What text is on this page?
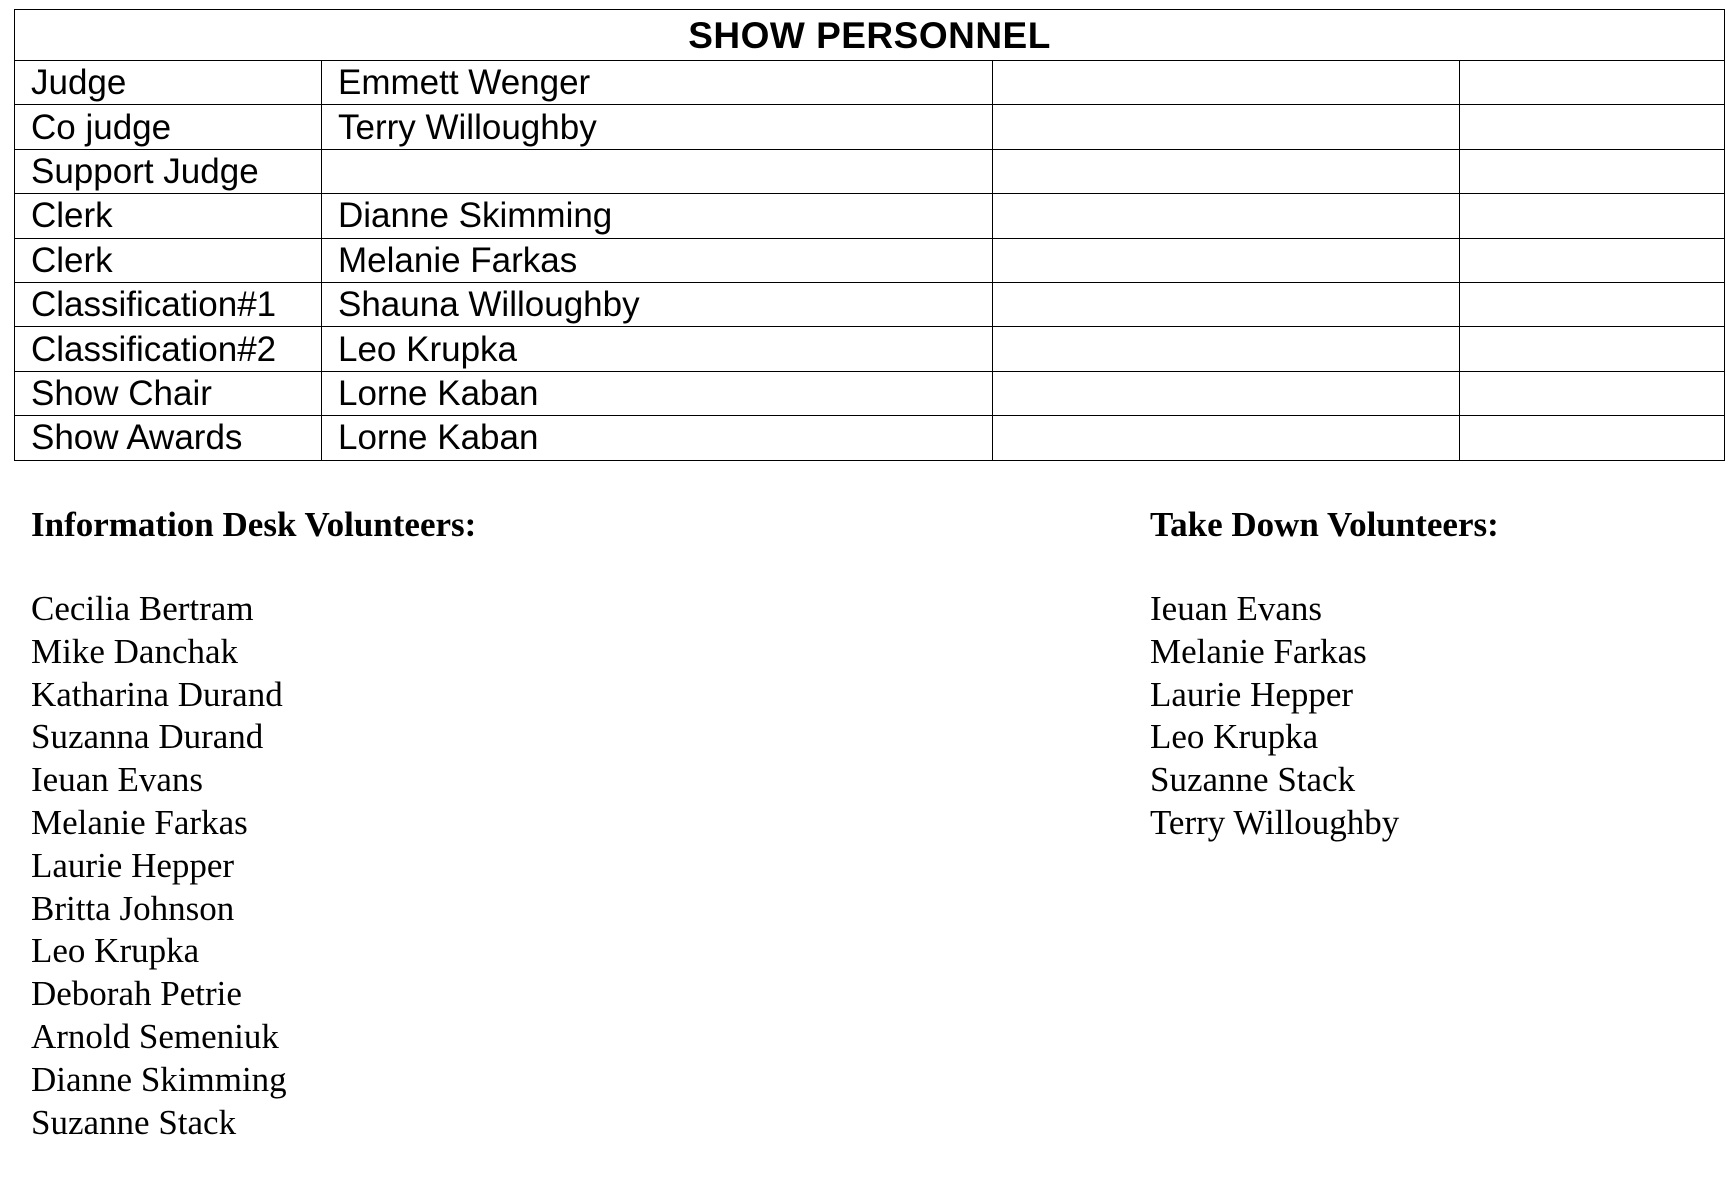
SHOW PERSONNEL			
Judge	Emmett Wenger		
Co judge	Terry Willoughby		
Support Judge			
Clerk	Dianne Skimming		
Clerk	Melanie Farkas		
Classification#1	Shauna Willoughby		
Classification#2	Leo Krupka		
Show Chair	Lorne Kaban		
Show Awards	Lorne Kaban		
Information Desk Volunteers:
Cecilia Bertram
Mike Danchak
Katharina Durand
Suzanna Durand
Ieuan Evans
Melanie Farkas
Laurie Hepper
Britta Johnson
Leo Krupka
Deborah Petrie
Arnold Semeniuk
Dianne Skimming
Suzanne Stack
Take Down Volunteers:
Ieuan Evans
Melanie Farkas
Laurie Hepper
Leo Krupka
Suzanne Stack
Terry Willoughby
